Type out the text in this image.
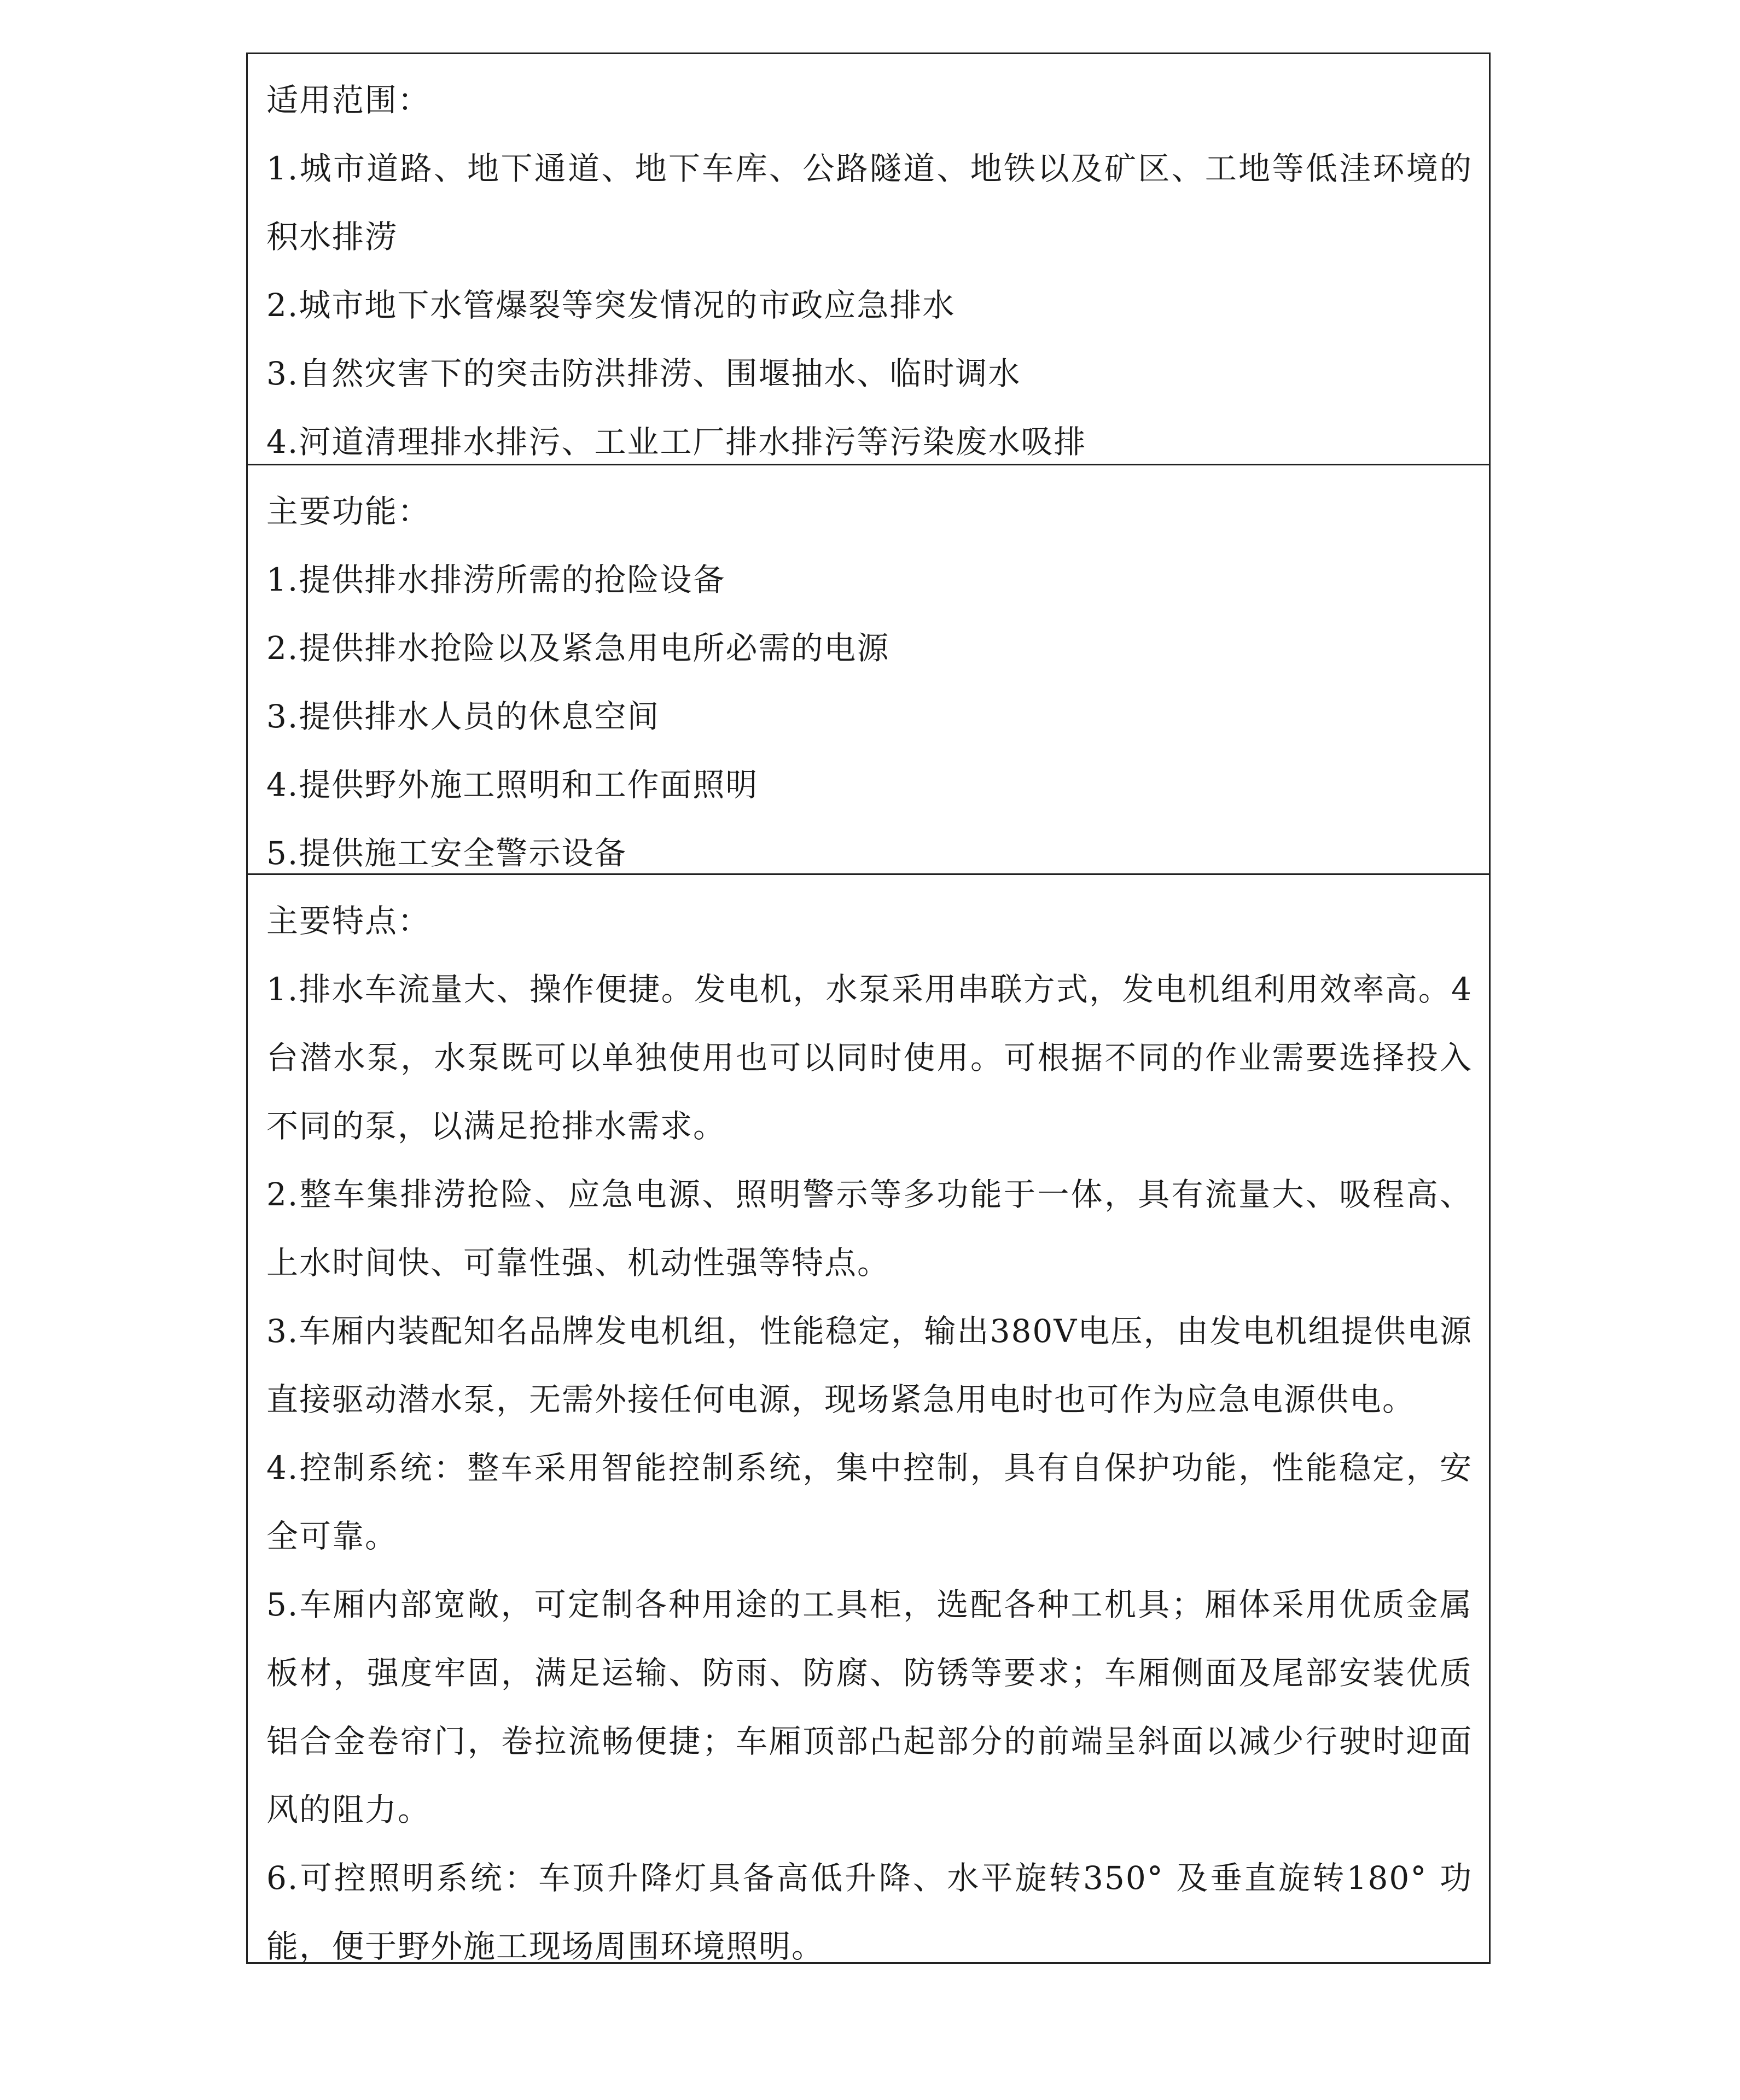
适用范围：

1.城市道路、地下通道、地下车库、公路隧道、地铁以及矿区、工地等低洼环境的积水排涝

2.城市地下水管爆裂等突发情况的市政应急排水

3.自然灾害下的突击防洪排涝、围堰抽水、临时调水

4.河道清理排水排污、工业工厂排水排污等污染废水吸排

主要功能：

1.提供排水排涝所需的抢险设备

2.提供排水抢险以及紧急用电所必需的电源

3.提供排水人员的休息空间

4.提供野外施工照明和工作面照明

5.提供施工安全警示设备

主要特点：

1.排水车流量大、操作便捷。发电机，水泵采用串联方式，发电机组利用效率高。4台潜水泵，水泵既可以单独使用也可以同时使用。可根据不同的作业需要选择投入不同的泵，以满足抢排水需求。

2.整车集排涝抢险、应急电源、照明警示等多功能于一体，具有流量大、吸程高、上水时间快、可靠性强、机动性强等特点。

3.车厢内装配知名品牌发电机组，性能稳定，输出380V电压，由发电机组提供电源直接驱动潜水泵，无需外接任何电源，现场紧急用电时也可作为应急电源供电。

4.控制系统：整车采用智能控制系统，集中控制，具有自保护功能，性能稳定，安全可靠。

5.车厢内部宽敞，可定制各种用途的工具柜，选配各种工机具；厢体采用优质金属板材，强度牢固，满足运输、防雨、防腐、防锈等要求；车厢侧面及尾部安装优质铝合金卷帘门，卷拉流畅便捷；车厢顶部凸起部分的前端呈斜面以减少行驶时迎面风的阻力。

6.可控照明系统：车顶升降灯具备高低升降、水平旋转350° 及垂直旋转180° 功能，便于野外施工现场周围环境照明。
